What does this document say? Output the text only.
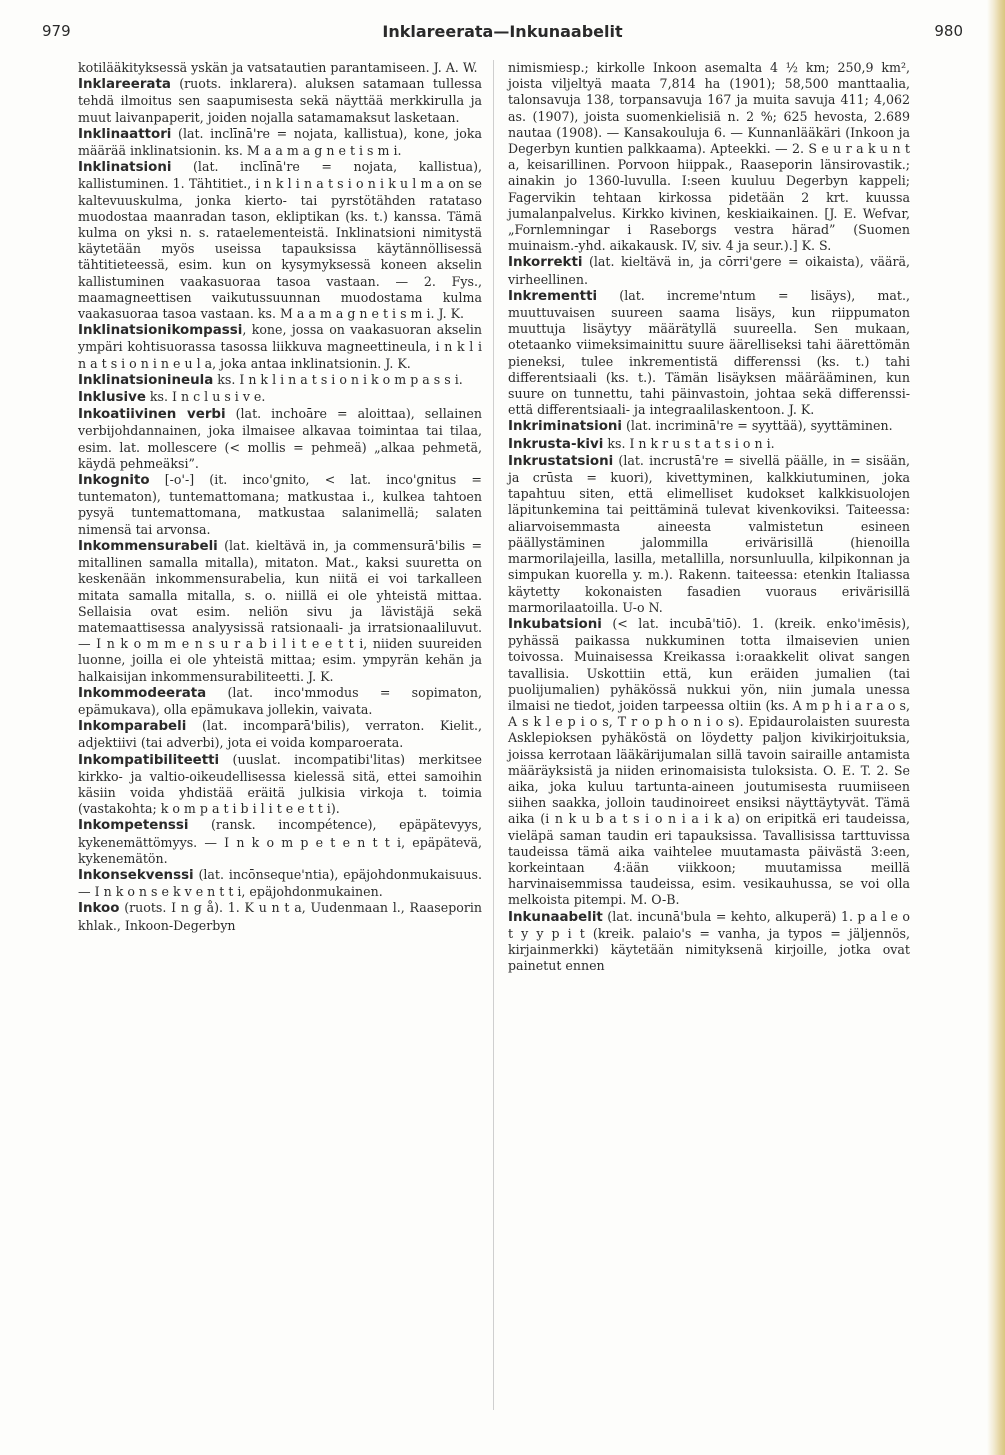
979	Inklareerata—Inkunaabelit	980

kotilääkityksessä yskän ja vatsatautien parantamiseen. J. A. W.

Inklareerata (ruots. inklarera). aluksen satamaan tullessa tehdä ilmoitus sen saapumisesta sekä näyttää merkkirulla ja muut laivanpaperit, joiden nojalla satamamaksut lasketaan.

Inklinaattori (lat. inclīnā're = nojata, kallistua), kone, joka määrää inklinatsionin. ks. M a a m a g n e t i s m i.

Inklinatsioni (lat. inclīnā're = nojata, kallistua), kallistuminen. 1. Tähtitiet., i n k l i n a t s i o n i k u l m a on se kaltevuuskulma, jonka kierto- tai pyrstötähden ratataso muodostaa maanradan tason, ekliptikan (ks. t.) kanssa. Tämä kulma on yksi n. s. rataelementeistä. Inklinatsioni nimitystä käytetään myös useissa tapauksissa käytännöllisessä tähtitieteessä, esim. kun on kysymyksessä koneen akselin kallistuminen vaakasuoraa tasoa vastaan. — 2. Fys., maamagneettisen vaikutussuunnan muodostama kulma vaakasuoraa tasoa vastaan. ks. M a a m a g n e t i s m i. J. K.

Inklinatsionikompassi, kone, jossa on vaakasuoran akselin ympäri kohtisuorassa tasossa liikkuva magneettineula, i n k l i n a t s i o n i n e u l a, joka antaa inklinatsionin. J. K.

Inklinatsionineula ks. I n k l i n a t s i o n i k o m p a s s i.

Inklusive ks. I n c l u s i v e.

Inkoatiivinen verbi (lat. inchoāre = aloittaa), sellainen verbijohdannainen, joka ilmaisee alkavaa toimintaa tai tilaa, esim. lat. mollescere (< mollis = pehmeä) „alkaa pehmetä, käydä pehmeäksi”.

Inkognito [-o'-] (it. inco'gnito, < lat. inco'gnitus = tuntematon), tuntemattomana; matkustaa i., kulkea tahtoen pysyä tuntemattomana, matkustaa salanimellä; salaten nimensä tai arvonsa.

Inkommensurabeli (lat. kieltävä in, ja commensurā'bilis = mitallinen samalla mitalla), mitaton. Mat., kaksi suuretta on keskenään inkommensurabelia, kun niitä ei voi tarkalleen mitata samalla mitalla, s. o. niillä ei ole yhteistä mittaa. Sellaisia ovat esim. neliön sivu ja lävistäjä sekä matemaattisessa analyysissä ratsionaali- ja irratsionaaliluvut. — I n k o m m e n s u r a b i l i t e e t t i, niiden suureiden luonne, joilla ei ole yhteistä mittaa; esim. ympyrän kehän ja halkaisijan inkommensurabiliteetti. J. K.

Inkommodeerata (lat. inco'mmodus = sopimaton, epämukava), olla epämukava jollekin, vaivata.

Inkomparabeli (lat. incomparā'bilis), verraton. Kielit., adjektiivi (tai adverbi), jota ei voida komparoerata.

Inkompatibiliteetti (uuslat. incompatibi'litas) merkitsee kirkko- ja valtio-oikeudellisessa kielessä sitä, ettei samoihin käsiin voida yhdistää eräitä julkisia virkoja t. toimia (vastakohta; k o m p a t i b i l i t e e t t i).

Inkompetenssi (ransk. incompétence), epäpätevyys, kykenemättömyys. — I n k o m p e t e n t t i, epäpätevä, kykenemätön.

Inkonsekvenssi (lat. incōnseque'ntia), epäjohdonmukaisuus. — I n k o n s e k v e n t t i, epäjohdonmukainen.

Inkoo (ruots. I n g å). 1. K u n t a, Uudenmaan l., Raaseporin khlak., Inkoon-Degerbyn

nimismiesp.; kirkolle Inkoon asemalta 4 ½ km; 250,9 km², joista viljeltyä maata 7,814 ha (1901); 58,500 manttaalia, talonsavuja 138, torpansavuja 167 ja muita savuja 411; 4,062 as. (1907), joista suomenkielisiä n. 2 %; 625 hevosta, 2.689 nautaa (1908). — Kansakouluja 6. — Kunnanlääkäri (Inkoon ja Degerbyn kuntien palkkaama). Apteekki. — 2. S e u r a k u n t a, keisarillinen. Porvoon hiippak., Raaseporin länsirovastik.; ainakin jo 1360-luvulla. I:seen kuuluu Degerbyn kappeli; Fagervikin tehtaan kirkossa pidetään 2 krt. kuussa jumalanpalvelus. Kirkko kivinen, keskiaikainen. [J. E. Wefvar, „Fornlemningar i Raseborgs vestra härad” (Suomen muinaism.-yhd. aikakausk. IV, siv. 4 ja seur.).] K. S.

Inkorrekti (lat. kieltävä in, ja cōrri'gere = oikaista), väärä, virheellinen.

Inkrementti (lat. increme'ntum = lisäys), mat., muuttuvaisen suureen saama lisäys, kun riippumaton muuttuja lisäytyy määrätyllä suureella. Sen mukaan, otetaanko viimeksimainittu suure äärelliseksi tahi äärettömän pieneksi, tulee inkrementistä differenssi (ks. t.) tahi differentsiaali (ks. t.). Tämän lisäyksen määrääminen, kun suure on tunnettu, tahi päinvastoin, johtaa sekä differenssi- että differentsiaali- ja integraalilaskentoon. J. K.

Inkriminatsioni (lat. incriminā're = syyttää), syyttäminen.

Inkrusta-kivi ks. I n k r u s t a t s i o n i.

Inkrustatsioni (lat. incrustā're = sivellä päälle, in = sisään, ja crūsta = kuori), kivettyminen, kalkkiutuminen, joka tapahtuu siten, että elimelliset kudokset kalkkisuolojen läpitunkemina tai peittäminä tulevat kivenkoviksi. Taiteessa: aliarvoisemmasta aineesta valmistetun esineen päällystäminen jalommilla erivärisillä (hienoilla marmorilajeilla, lasilla, metallilla, norsunluulla, kilpikonnan ja simpukan kuorella y. m.). Rakenn. taiteessa: etenkin Italiassa käytetty kokonaisten fasadien vuoraus erivärisillä marmorilaatoilla. U-o N.

Inkubatsioni (< lat. incubā'tiō). 1. (kreik. enko'imēsis), pyhässä paikassa nukkuminen totta ilmaisevien unien toivossa. Muinaisessa Kreikassa i:oraakkelit olivat sangen tavallisia. Uskottiin että, kun eräiden jumalien (tai puolijumalien) pyhäkössä nukkui yön, niin jumala unessa ilmaisi ne tiedot, joiden tarpeessa oltiin (ks. A m p h i a r a o s, A s k l e p i o s, T r o p h o n i o s). Epidaurolaisten suuresta Asklepioksen pyhäköstä on löydetty paljon kivikirjoituksia, joissa kerrotaan lääkärijumalan sillä tavoin sairaille antamista määräyksistä ja niiden erinomaisista tuloksista. O. E. T. 2. Se aika, joka kuluu tartunta-aineen joutumisesta ruumiiseen siihen saakka, jolloin taudinoireet ensiksi näyttäytyvät. Tämä aika (i n k u b a t s i o n i a i k a) on eripitkä eri taudeissa, vieläpä saman taudin eri tapauksissa. Tavallisissa tarttuvissa taudeissa tämä aika vaihtelee muutamasta päivästä 3:een, korkeintaan 4:ään viikkoon; muutamissa meillä harvinaisemmissa taudeissa, esim. vesikauhussa, se voi olla melkoista pitempi. M. O-B.

Inkunaabelit (lat. incunā'bula = kehto, alkuperä) 1. p a l e o t y y p i t (kreik. palaio's = vanha, ja typos = jäljennös, kirjainmerkki) käytetään nimityksenä kirjoille, jotka ovat painetut ennen
